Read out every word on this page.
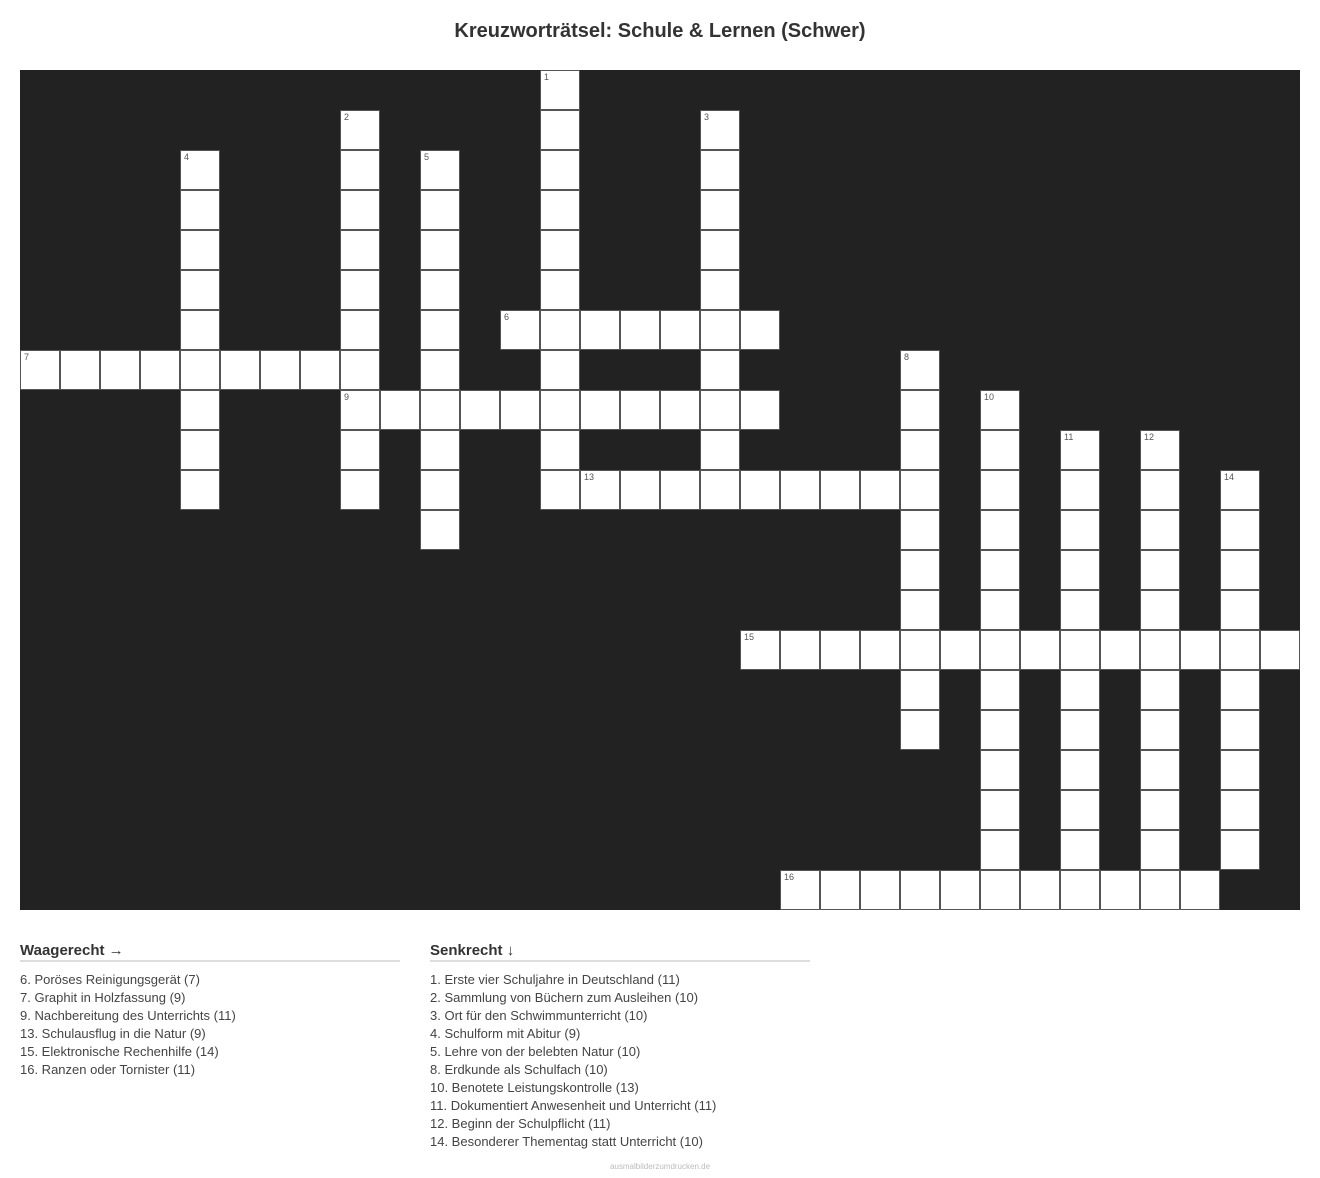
Kreuzworträtsel: Schule & Lernen (Schwer)
1
2
9
3
4	5
6
7	8
10
11	12
13	14
15
16
Waagerecht →
6. Poröses Reinigungsgerät (7)
7. Graphit in Holzfassung (9)
9. Nachbereitung des Unterrichts (11)
13. Schulausflug in die Natur (9)
15. Elektronische Rechenhilfe (14)
16. Ranzen oder Tornister (11)
Senkrecht ↓
1. Erste vier Schuljahre in Deutschland (11)
2. Sammlung von Büchern zum Ausleihen (10)
3. Ort für den Schwimmunterricht (10)
4. Schulform mit Abitur (9)
5. Lehre von der belebten Natur (10)
8. Erdkunde als Schulfach (10)
10. Benotete Leistungskontrolle (13)
11. Dokumentiert Anwesenheit und Unterricht (11)
12. Beginn der Schulpflicht (11)
14. Besonderer Thementag statt Unterricht (10)
ausmalbilderzumdrucken.de
